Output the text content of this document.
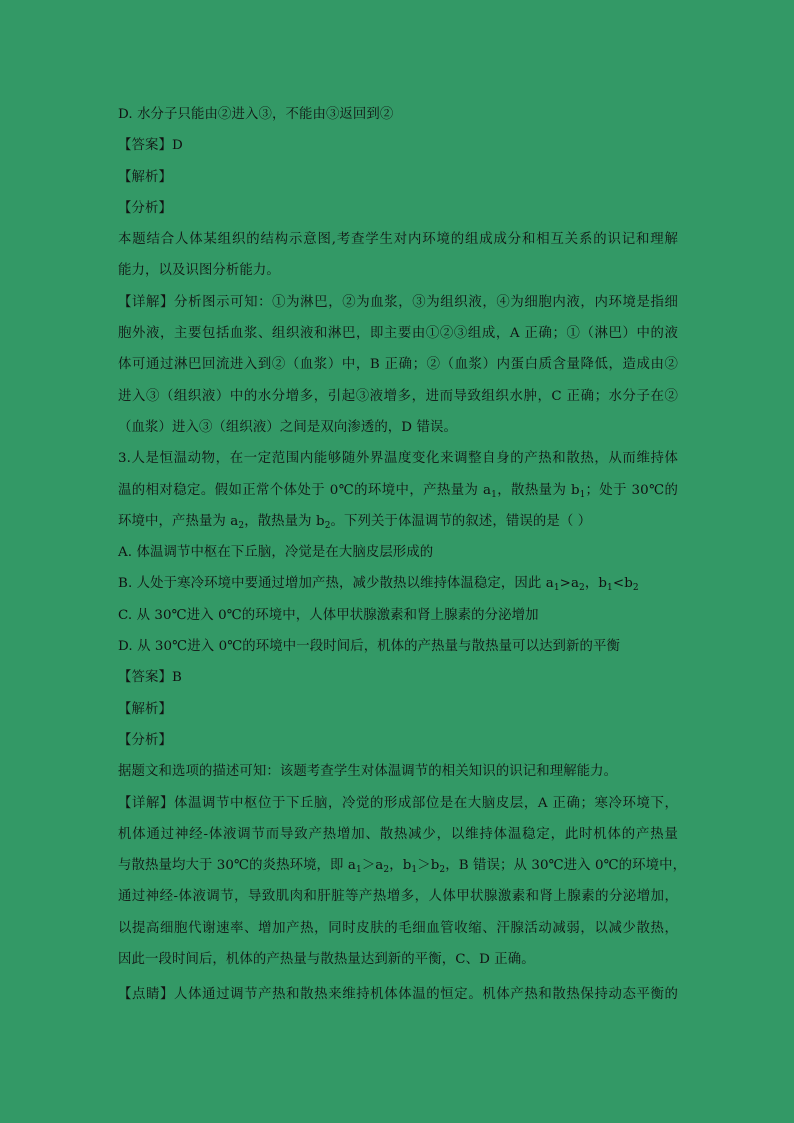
D. 水分子只能由②进入③，不能由③返回到②
【答案】D
【解析】
【分析】
本题结合人体某组织的结构示意图,考查学生对内环境的组成成分和相互关系的识记和理解
能力，以及识图分析能力。
【详解】分析图示可知：①为淋巴，②为血浆，③为组织液，④为细胞内液，内环境是指细
胞外液，主要包括血浆、组织液和淋巴，即主要由①②③组成，A 正确；①（淋巴）中的液
体可通过淋巴回流进入到②（血浆）中，B 正确；②（血浆）内蛋白质含量降低，造成由②
进入③（组织液）中的水分增多，引起③液增多，进而导致组织水肿，C 正确；水分子在②
（血浆）进入③（组织液）之间是双向渗透的，D 错误。
3.人是恒温动物，在一定范围内能够随外界温度变化来调整自身的产热和散热，从而维持体
温的相对稳定。假如正常个体处于 0℃的环境中，产热量为 $a_1$，散热量为 $b_1$；处于 30℃的
环境中，产热量为 $a_2$，散热量为 $b_2$。下列关于体温调节的叙述，错误的是（ ）
A. 体温调节中枢在下丘脑，冷觉是在大脑皮层形成的
B. 人处于寒冷环境中要通过增加产热，减少散热以维持体温稳定，因此 $a_1>a_2$，$b_1<b_2$
C. 从 30℃进入 0℃的环境中，人体甲状腺激素和肾上腺素的分泌增加
D. 从 30℃进入 0℃的环境中一段时间后，机体的产热量与散热量可以达到新的平衡
【答案】B
【解析】
【分析】
据题文和选项的描述可知：该题考查学生对体温调节的相关知识的识记和理解能力。
【详解】体温调节中枢位于下丘脑，冷觉的形成部位是在大脑皮层，A 正确；寒冷环境下，
机体通过神经-体液调节而导致产热增加、散热减少，以维持体温稳定，此时机体的产热量
与散热量均大于 30℃的炎热环境，即 $a_1>a_2$，$b_1>b_2$，B 错误；从 30℃进入 0℃的环境中，
通过神经-体液调节，导致肌肉和肝脏等产热增多，人体甲状腺激素和肾上腺素的分泌增加，
以提高细胞代谢速率、增加产热，同时皮肤的毛细血管收缩、汗腺活动减弱，以减少散热，
因此一段时间后，机体的产热量与散热量达到新的平衡，C、D 正确。
【点睛】人体通过调节产热和散热来维持机体体温的恒定。机体产热和散热保持动态平衡的
